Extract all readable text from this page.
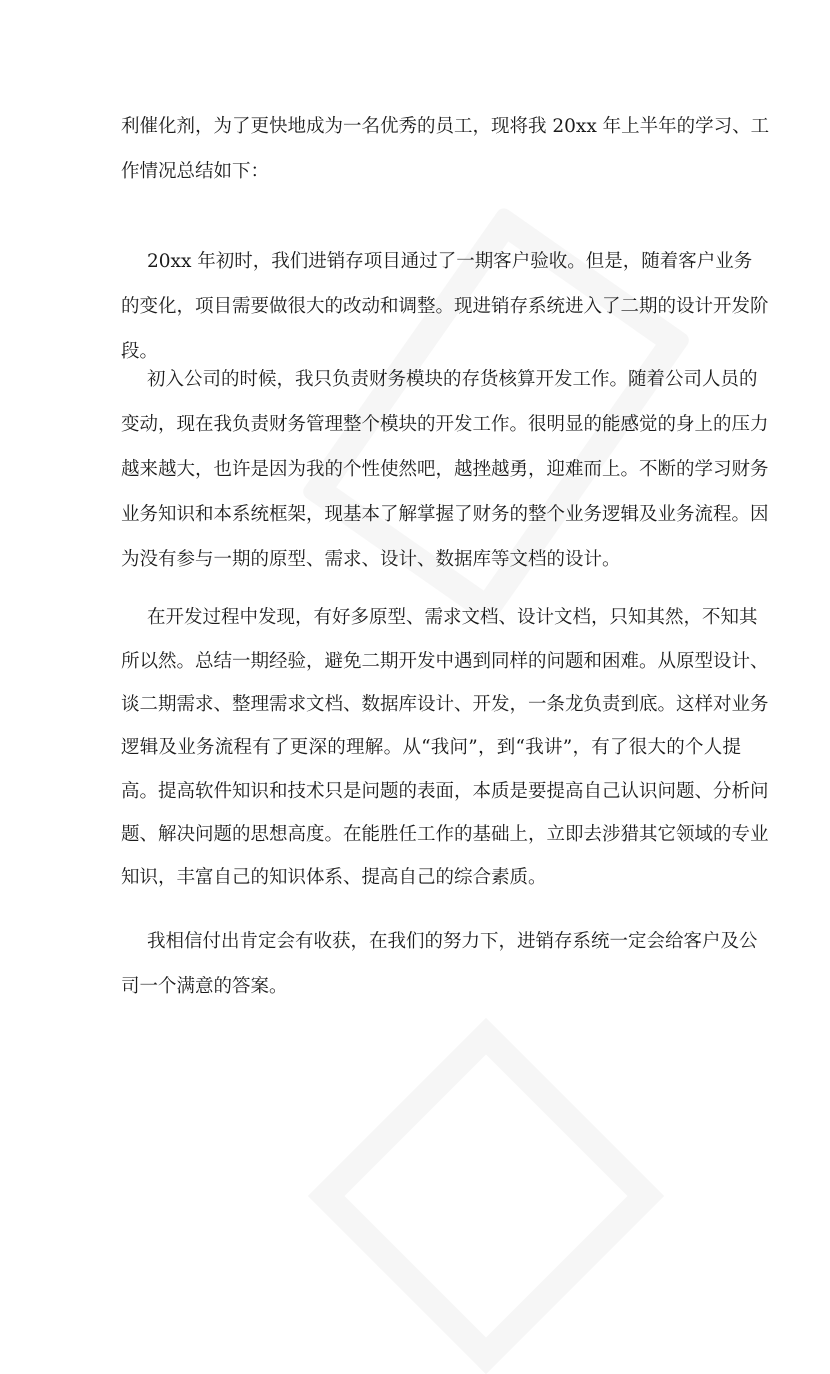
利催化剂，为了更快地成为一名优秀的员工，现将我 20xx 年上半年的学习、工
作情况总结如下：
20xx 年初时，我们进销存项目通过了一期客户验收。但是，随着客户业务
的变化，项目需要做很大的改动和调整。现进销存系统进入了二期的设计开发阶
段。
初入公司的时候，我只负责财务模块的存货核算开发工作。随着公司人员的
变动，现在我负责财务管理整个模块的开发工作。很明显的能感觉的身上的压力
越来越大，也许是因为我的个性使然吧，越挫越勇，迎难而上。不断的学习财务
业务知识和本系统框架，现基本了解掌握了财务的整个业务逻辑及业务流程。因
为没有参与一期的原型、需求、设计、数据库等文档的设计。
在开发过程中发现，有好多原型、需求文档、设计文档，只知其然，不知其
所以然。总结一期经验，避免二期开发中遇到同样的问题和困难。从原型设计、
谈二期需求、整理需求文档、数据库设计、开发，一条龙负责到底。这样对业务
逻辑及业务流程有了更深的理解。从“我问”，到“我讲”，有了很大的个人提
高。提高软件知识和技术只是问题的表面，本质是要提高自己认识问题、分析问
题、解决问题的思想高度。在能胜任工作的基础上，立即去涉猎其它领域的专业
知识，丰富自己的知识体系、提高自己的综合素质。
我相信付出肯定会有收获，在我们的努力下，进销存系统一定会给客户及公
司一个满意的答案。
